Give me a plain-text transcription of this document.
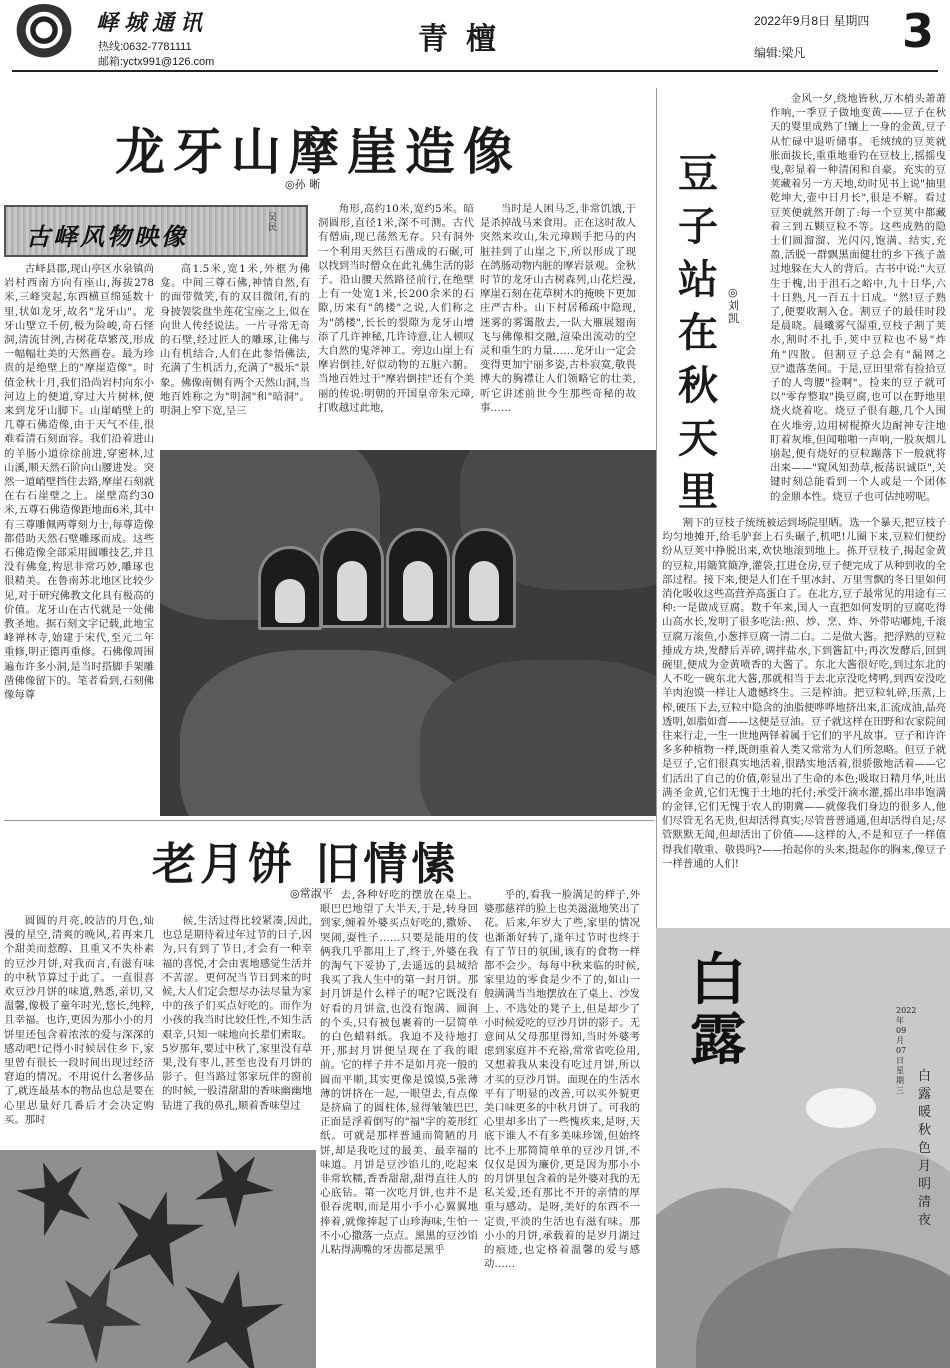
峄城通讯
热线:0632-7781111
邮箱:yctx991@126.com
青檀
2022年9月8日 星期四
编辑:梁凡 3
龙牙山摩崖造像
◎孙 晰
古峄风物映像
吴民

古峄县郡,现山亭区水泉镇尚岩村西南方向有座山,海拔278米,三峰突起,东西横亘绵延数十里,状如龙牙,故名"龙牙山"。龙牙山壁立千仞,极为险峻,奇石怪洞,清流甘洌,古树花草繁茂,形成一幅幅壮美的天然画卷。最为珍贵的是绝壁上的"摩崖造像"。时值金秋十月,我们沿尚岩村向东小河边上的便道,穿过大片树林,便来到龙牙山脚下。山崖峭壁上的几尊石佛造像,由于天气不佳,很难看清石刻面容。我们沿着进山的羊肠小道徐徐前进,穿密林,过山溪,顺天然石阶向山腰进发。突然一道峭壁挡住去路,摩崖石刻就在右石崖壁之上。崖壁高约30米,五尊石佛造像距地面6米,其中有三尊雕佩两尊刻力士,每尊造像都借助天然石壁雕琢而成。这些石佛造像全部采用圆雕技艺,并且没有佛龛,构思非常巧妙,雕琢也很精美。在鲁南苏北地区比较少见,对于研究佛教文化具有极高的价值。龙牙山在古代就是一处佛教圣地。据石刻文字记载,此地宝峰禅林寺,始建于宋代,至元二年重修,明正德再重修。石佛像周围遍布许多小洞,是当时搭脚手架雕凿佛像留下的。笔者看到,石刻佛像每尊

高1.5米,宽1米,外框为佛龛。中间三尊石佛,神情自然,有的面带微笑,有的双目微闭,有的身披袈裟盘坐莲花宝座之上,似在向世人传经说法。一片寻常无奇的石壁,经过匠人的雕琢,让佛与山有机结合,人们在此参悟佛法,充满了生机活力,充满了"极乐"景象。佛像南侧有两个天然山洞,当地百姓称之为"明洞"和"暗洞"。明洞上窄下宽,呈三

角形,高约10米,宽约5米。暗洞圆形,直径1米,深不可测。古代有僧庙,现已荡然无存。只有洞外一个利用天然巨石凿成的石碾,可以找到当时僧众在此礼佛生活的影子。沿山腰天然路径前行,在绝壁上有一处宽1米,长200余米的石隙,历来有"鸽楼"之说,人们称之为"鸽楼",长长的裂隙为龙牙山增添了几许神秘,几许诗意,让人顿叹大自然的鬼斧神工。旁边山崖上有摩岩倒挂,好似动物的五脏六腑。当地百姓过于"摩岩倒挂"还有个美丽的传说:明朝的开国皇帝朱元璋,打败越过此地,

当时是人困马乏,非常饥饿,于是杀掉战马来食用。正在这时敌人突然来攻山,朱元璋顾手把马的内脏挂到了山崖之下,所以形成了现在鸽肠动物内脏的摩岩景观。金秋时节的龙牙山古树森列,山花烂漫,摩崖石刻在花草树木的掩映下更加庄严古朴。山下村居稀疏中隐现,迷雾的雾霭散去,一队大雁展翅南飞与佛像相交融,渲染出流动的空灵和重生的力量……龙牙山一定会变得更加宁丽多姿,古朴寂寞,敬畏博大的胸襟让人们领略它的壮美,听它讲述前世今生那些奇秘的故事……

老月饼 旧情愫
◎常淑平

圆圆的月亮,皎洁的月色,灿漫的星空,清爽的晚风,若再来几个甜美而惹醇、且重又不失朴素的豆沙月饼,对我而言,有滋有味的中秋节算过于此了。一直很喜欢豆沙月饼的味道,熟悉,亲切,又温馨,像极了童年时光,悠长,纯粹,且幸福。也许,更因为那小小的月饼里还包含着浓浓的爱与深深的感动吧!记得小时候居住乡下,家里曾有很长一段时间出现过经济窘迫的情况。不用说什么奢侈品了,就连最基本的物品也总是要在心里思量好几番后才会决定购买。那时

候,生活过得比较紧凑,因此,也总是期待着过年过节的日子,因为,只有到了节日,才会有一种幸福的喜悦,才会由衷地感觉生活并不苦涩。更何况当节日到来的时候,大人们定会想尽办法尽量为家中的孩子们买点好吃的。而作为小孩的我当时比较任性,不知生活艰辛,只知一味地向长辈们索取。5岁那年,要过中秋了,家里没有草果,没有枣儿,甚至也没有月饼的影子。但当路过邻家玩伴的窗前的时候,一股清甜甜的香味幽幽地钻进了我的鼻孔,顺着香味望过

去,各种好吃的摆放在桌上。眼巴巴地望了大半天,于是,转身回到家,缠着外婆买点好吃的,撒娇、哭闹,耍性子……只要是能用的伎俩我几乎都用上了,终于,外婆在我的淘气下妥协了,去遥远的县城给我买了我人生中的第一封月饼。那封月饼是什么样子的呢?它既没有好看的月饼盒,也没有饱满、圆润的个头,只有被包裹着的一层简单的白色蜡料纸。我迫不及待地打开,那封月饼便呈现在了我的眼前。它的样子并不是如月亮一般的圆而平顺,其实更像是馍馍,5张薄薄的饼挤在一起,一眼望去,有点像是挤扁了的圆柱体,显得皱皱巴巴,正面是浮着倒写的"福"字的菱形红纸。可就是那样普通而简陋的月饼,却是我吃过的最美、最幸福的味道。月饼是豆沙馅儿的,吃起来非常软糯,香香甜甜,甜得直往人的心底钻。第一次吃月饼,也并不是很吞虎咽,而是用小手小心翼翼地捧着,就像捧起了山珍海味,生怕一不小心撒落一点点。黑黑的豆沙馅儿粘得满嘴的牙齿都是黑乎

乎的,看我一脸满足的样子,外婆那慈祥的脸上也美滋滋地笑出了花。后来,年岁大了些,家里的情况也渐渐好转了,逢年过节时也终于有了节日的氛围,该有的食物一样都不会少。每每中秋来临的时候,家里边的零食是少不了的,如山一般满满当当地摆放在了桌上、沙发上、不选处的凳子上,但是却少了小时候爱吃的豆沙月饼的影子。无意间从父母那里得知,当时外婆考虑到家庭并不充裕,常常省吃俭用,又想着我从来没有吃过月饼,所以才买的豆沙月饼。面现在的生活水平有了明显的改善,可以买外貌更美口味更多的中秋月饼了。可我的心里却多出了一些愧疚来,是呀,天底下谁人不有多美味珍馐,但始终比不上那简简单单的豆沙月饼,不仅仅是因为廉价,更是因为那小小的月饼里包含着的是外婆对我的无私关爱,还有那比不开的亲情的厚重与感动。是呀,美好的东西不一定贵,平淡的生活也有滋有味。那小小的月饼,承载着的是岁月湖过的痕迹,也定格着温馨的爱与感动……

豆子站在秋天里
◎刘凯

金风一夕,绕地皆秋,万木梢头萧萧作响,一季豆子做地变黄——豆子在秋天的婴里成熟了!镶上一身的金黄,豆子从忙碌中退听储事。毛绒绒的豆荚就胀面拔长,重重地垂钓在豆枝上,摇摇曳曳,彰显着一种清闲和自豪。充实的豆荚藏着另一方天地,幼时见书上说"抽里乾坤大,壶中日月长",很是不解。看过豆荚便就然开朗了:每一个豆荚中都藏着三到五颗豆粒不等。这些成熟的隐士们圆溜溜、光闪闪,饱满、结实,充盈,活脱一群飘黑面健壮的乡下孩子盖过地躲在大人的背后。古书中说:"大豆生于槐,出于沮石之峪中,九十日华,六十日熟,凡一百五十日成。"然!豆子熟了,便要收割入仓。割豆子的最佳时段是晨晓。晨曦雾气湿重,豆枝子割了荚水,割时不扎手,荚中豆粒也不易"炸角"四散。但割豆子总会有"漏网之豆"遗落垄间。于是,豆田里常有捡拾豆子的人弯腰"捡啊"。捡来的豆子就可以"零存整取"换豆腐,也可以在野地里烧火烧着吃。烧豆子很有趣,几个人围在火堆旁,边用树棍撩火边耐神专注地盯着灰堆,但闻啪啪一声响,一股灰烟儿崩起,便有烧好的豆粒蹦落下一般就将出来——"窥风知劲草,板荡识诚臣",关键时刻总能看到一个人或是一个团体的金鼎本性。烧豆子也可估纯唠呢。

割下的豆枝子统统被运到场院里晒。选一个暴天,把豆枝子均匀地摊开,给毛驴套上石头碾子,机吧!儿圈下来,豆粒们便纷纷从豆荚中挣脱出来,欢快地滚到地上。拣开豆枝子,揭起金黄的豆粒,用簸箕簸净,灌袋,扛进仓房,豆子便完成了从种到收的全部过程。接下来,便是人们在千里冰封、万里雪飘的冬日里如何消化吸收这些高营养高蛋白了。在北方,豆子最常见的用途有三种:一是做成豆腐。数千年来,国人一直把如何发明的豆腐吃得山高水长,发明了很多吃法:煎、炒、烹、炸、外带咕嘟炖,千滚豆腐万滚鱼,小葱拌豆腐一清二白。二是做大酱。把浮熟的豆粒捶成方块,发酵后弄碎,调拌盐水,下到酱缸中;再次发酵后,回到碗里,便成为金黄喷香的大酱了。东北大酱很好吃,到过东北的人不吃一碗东北大酱,那就相当于去北京没吃烤鸭,到西安没吃羊肉泡馍一样让人遗憾终生。三是榨油。把豆粒轧碎,压蒸,上榨,硬压下去,豆粒中隐含的油脂便哗哗地挤出来,汇流成油,晶亮透明,如脂如膏——这便是豆油。豆子就这样在田野和农家院间往来行走,一生一世地两铎着属于它们的平凡故事。豆子和许许多多种植物一样,既朗重着人类又常常为人们所忽略。但豆子就是豆子,它们很真实地活着,很踏实地活着,很骄傲地活着——它们活出了自己的价值,彰显出了生命的本色;吸取日精月华,吐出满圣金黄,它们无愧于土地的托付;承受汗滴水灌,摇出串串饱满的金铎,它们无愧于农人的期冀——就像我们身边的很多人,他们尽管无名无贵,但却活得真实;尽管普普通通,但却活得自足;尽管默默无闻,但却活出了价值——这样的人,不是和豆子一样值得我们敬重、敬畏吗?——抬起你的头来,挺起你的胸来,像豆子一样普通的人们!

白露	2022年09月07日星期三
白露暖秋色 月明清夜
